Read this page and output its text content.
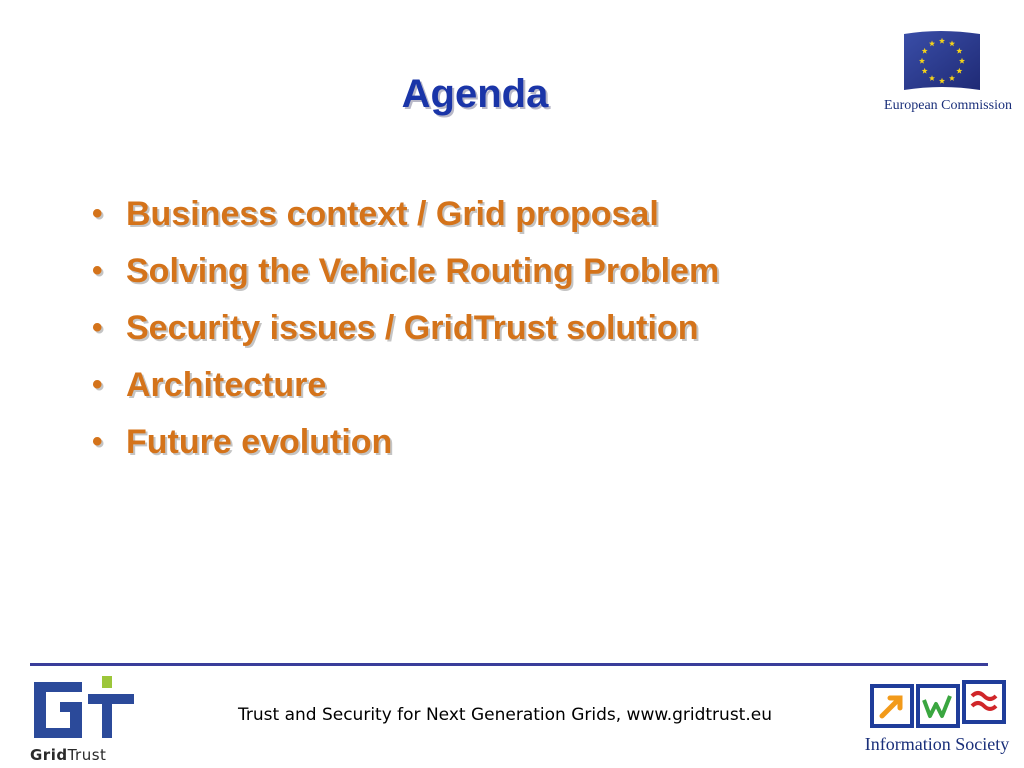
Agenda	European Commission
• Business context / Grid proposal
• Solving the Vehicle Routing Problem
• Security issues / GridTrust solution
• Architecture
• Future evolution
GridTrust
Trust and Security for Next Generation Grids, www.gridtrust.eu
Information Society
